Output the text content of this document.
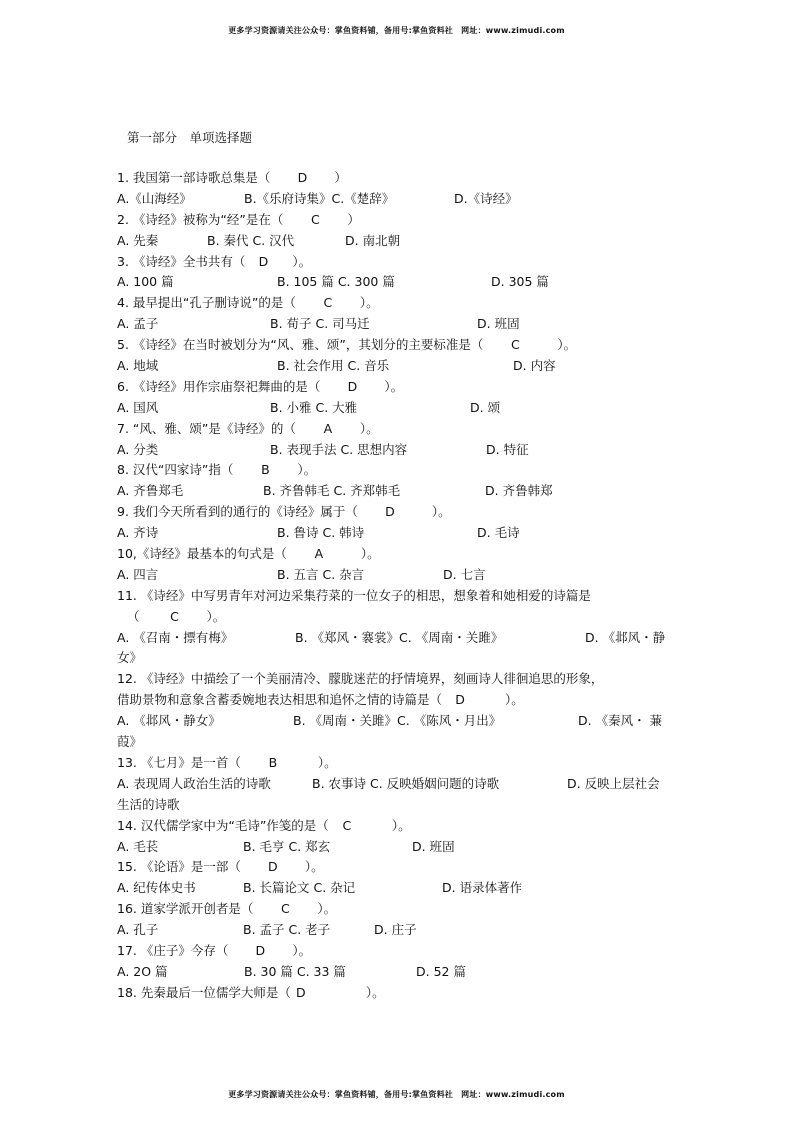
更多学习资源请关注公众号：掌鱼资料铺，备用号:掌鱼资料社　网址：www.zimudi.com
第一部分　单项选择题
1. 我国第一部诗歌总集是（ D ）
A.《山海经》	B.《乐府诗集》C.《楚辞》	D.《诗经》
2. 《诗经》被称为“经”是在（ C ）
A. 先秦	B. 秦代 C. 汉代	D. 南北朝
3. 《诗经》全书共有（ D ）。
A. 100 篇	B. 105 篇 C. 300 篇	D. 305 篇
4. 最早提出“孔子删诗说”的是（ C ）。
A. 孟子	B. 荀子 C. 司马迁	D. 班固
5. 《诗经》在当时被划分为“风、雅、颂”，其划分的主要标准是（ C	）。
A. 地域	B. 社会作用 C. 音乐	D. 内容
6. 《诗经》用作宗庙祭祀舞曲的是（ D ）。
A. 国风	B. 小雅 C. 大雅	D. 颂
7. “风、雅、颂”是《诗经》的（ A ）。
A. 分类	B. 表现手法 C. 思想内容	D. 特征
8. 汉代“四家诗”指（ B ）。
A. 齐鲁郑毛	B. 齐鲁韩毛 C. 齐郑韩毛	D. 齐鲁韩郑
9. 我们今天所看到的通行的《诗经》属于（ D	）。
A. 齐诗	B. 鲁诗 C. 韩诗	D. 毛诗
10,《诗经》最基本的句式是（ A	）。
A. 四言	B. 五言 C. 杂言	D. 七言
11. 《诗经》中写男青年对河边采集荇菜的一位女子的相思，想象着和她相爱的诗篇是
（ C ）。
A. 《召南・摽有梅》	B. 《郑风・褰裳》C. 《周南・关雎》	D. 《邶风・静
女》
12. 《诗经》中描绘了一个美丽清冷、朦胧迷茫的抒情境界，刻画诗人徘徊追思的形象，
借助景物和意象含蓄委婉地表达相思和追怀之情的诗篇是（ D	）。
A. 《邶风・静女》	B. 《周南・关雎》C. 《陈风・月出》	D. 《秦风・ 蒹
葭》
13. 《七月》是一首（ B	）。
A. 表现周人政治生活的诗歌	B. 农事诗 C. 反映婚姻问题的诗歌	D. 反映上层社会
生活的诗歌
14. 汉代儒学家中为“毛诗”作笺的是（ C	）。
A. 毛苌	B. 毛亨 C. 郑玄	D. 班固
15. 《论语》是一部（ D ）。
A. 纪传体史书	B. 长篇论文 C. 杂记	D. 语录体著作
16. 道家学派开创者是（ C ）。
A. 孔子	B. 孟子 C. 老子	D. 庄子
17. 《庄子》今存（ D ）。
A. 2O 篇	B. 30 篇 C. 33 篇	D. 52 篇
18. 先秦最后一位儒学大师是（ D	）。
更多学习资源请关注公众号：掌鱼资料铺，备用号:掌鱼资料社　网址：www.zimudi.com
